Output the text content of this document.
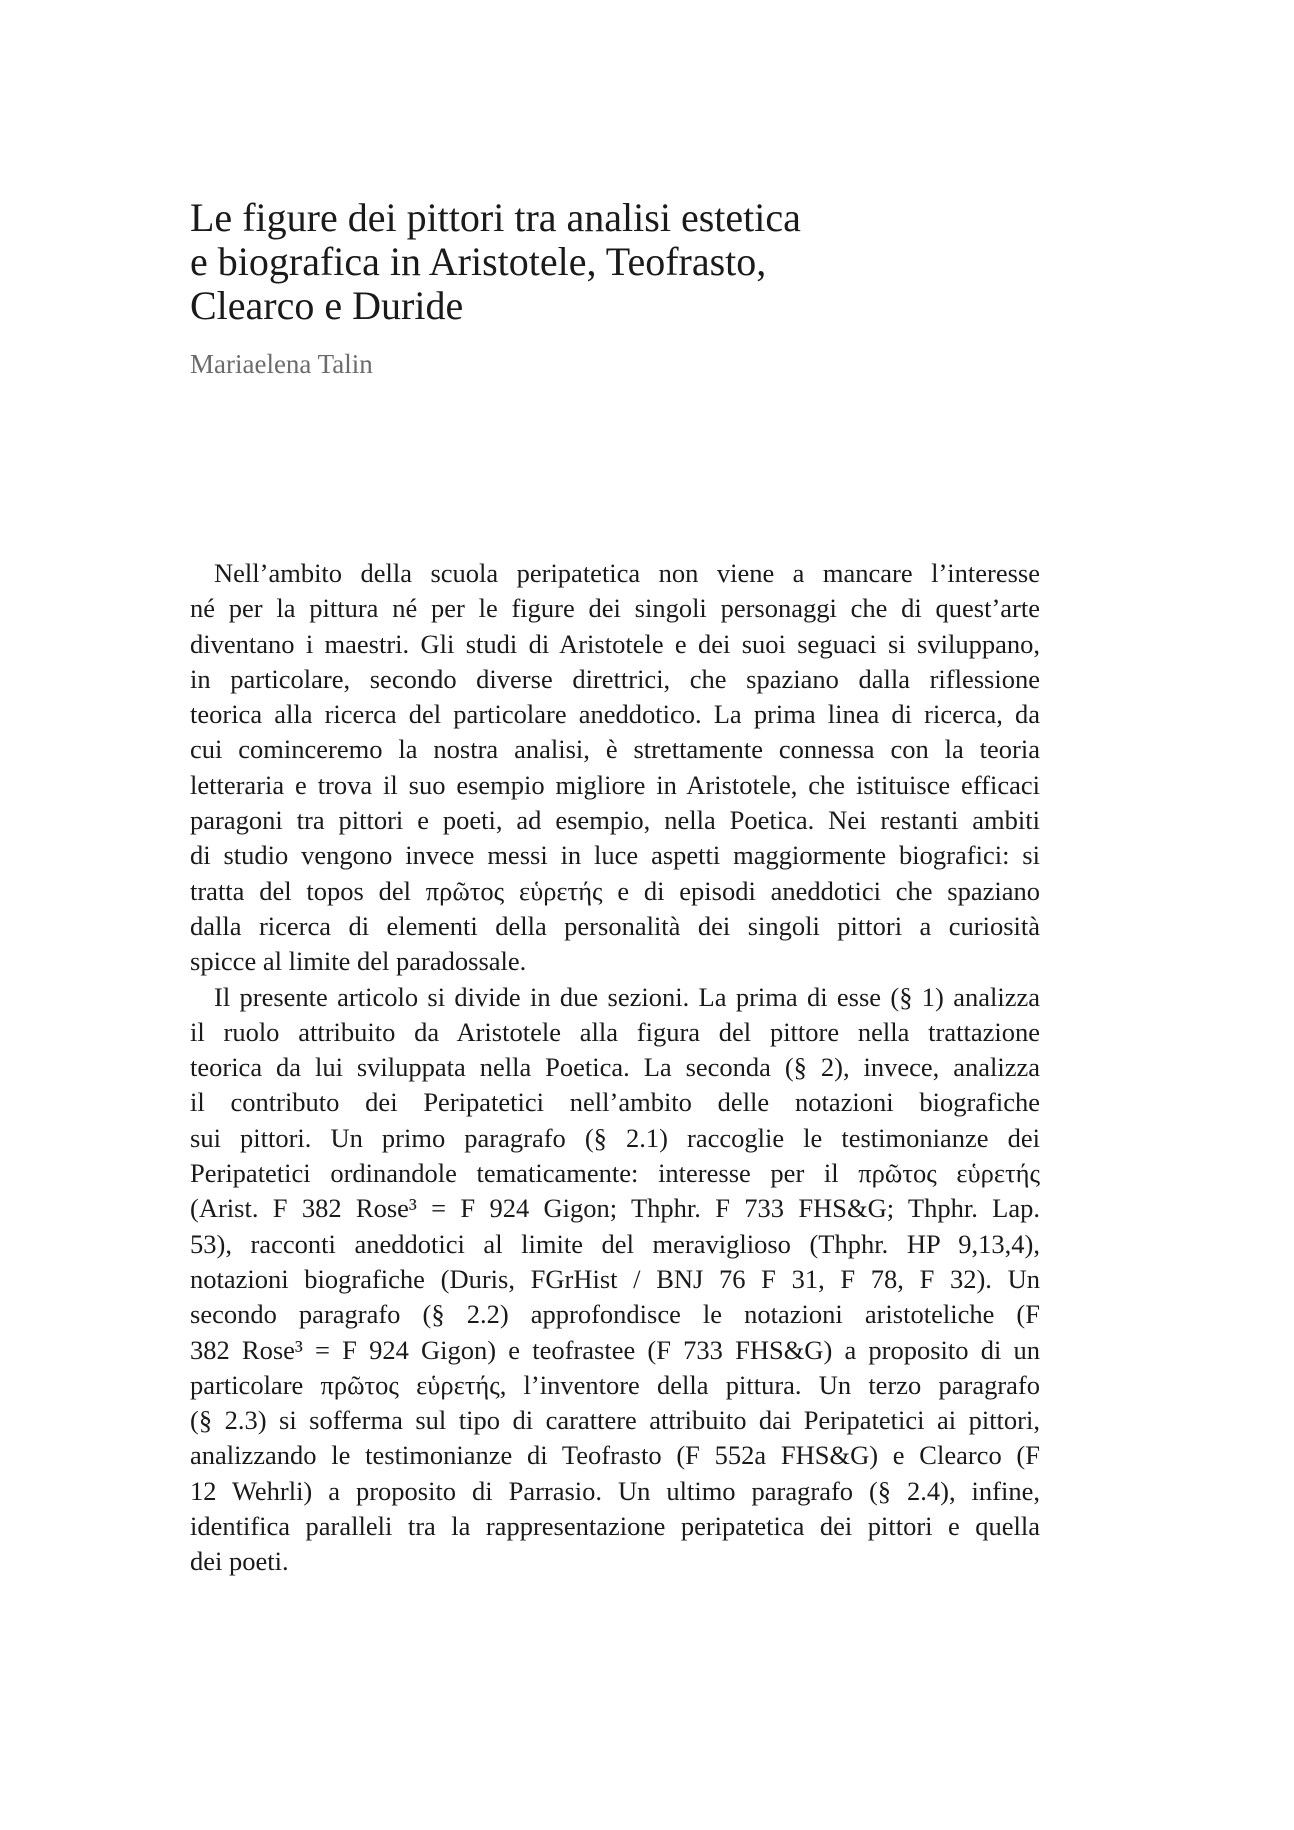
Le figure dei pittori tra analisi estetica
e biografica in Aristotele, Teofrasto,
Clearco e Duride

Mariaelena Talin

Nell’ambito della scuola peripatetica non viene a mancare l’interesse
né per la pittura né per le figure dei singoli personaggi che di quest’arte
diventano i maestri. Gli studi di Aristotele e dei suoi seguaci si sviluppano,
in particolare, secondo diverse direttrici, che spaziano dalla riflessione
teorica alla ricerca del particolare aneddotico. La prima linea di ricerca, da
cui cominceremo la nostra analisi, è strettamente connessa con la teoria
letteraria e trova il suo esempio migliore in Aristotele, che istituisce efficaci
paragoni tra pittori e poeti, ad esempio, nella Poetica. Nei restanti ambiti
di studio vengono invece messi in luce aspetti maggiormente biografici: si
tratta del topos del πρῶτος εὑρετής e di episodi aneddotici che spaziano
dalla ricerca di elementi della personalità dei singoli pittori a curiosità
spicce al limite del paradossale.
Il presente articolo si divide in due sezioni. La prima di esse (§ 1) analizza
il ruolo attribuito da Aristotele alla figura del pittore nella trattazione
teorica da lui sviluppata nella Poetica. La seconda (§ 2), invece, analizza
il contributo dei Peripatetici nell’ambito delle notazioni biografiche
sui pittori. Un primo paragrafo (§ 2.1) raccoglie le testimonianze dei
Peripatetici ordinandole tematicamente: interesse per il πρῶτος εὑρετής
(Arist. F 382 Rose³ = F 924 Gigon; Thphr. F 733 FHS&G; Thphr. Lap.
53), racconti aneddotici al limite del meraviglioso (Thphr. HP 9,13,4),
notazioni biografiche (Duris, FGrHist / BNJ 76 F 31, F 78, F 32). Un
secondo paragrafo (§ 2.2) approfondisce le notazioni aristoteliche (F
382 Rose³ = F 924 Gigon) e teofrastee (F 733 FHS&G) a proposito di un
particolare πρῶτος εὑρετής, l’inventore della pittura. Un terzo paragrafo
(§ 2.3) si sofferma sul tipo di carattere attribuito dai Peripatetici ai pittori,
analizzando le testimonianze di Teofrasto (F 552a FHS&G) e Clearco (F
12 Wehrli) a proposito di Parrasio. Un ultimo paragrafo (§ 2.4), infine,
identifica paralleli tra la rappresentazione peripatetica dei pittori e quella
dei poeti.
